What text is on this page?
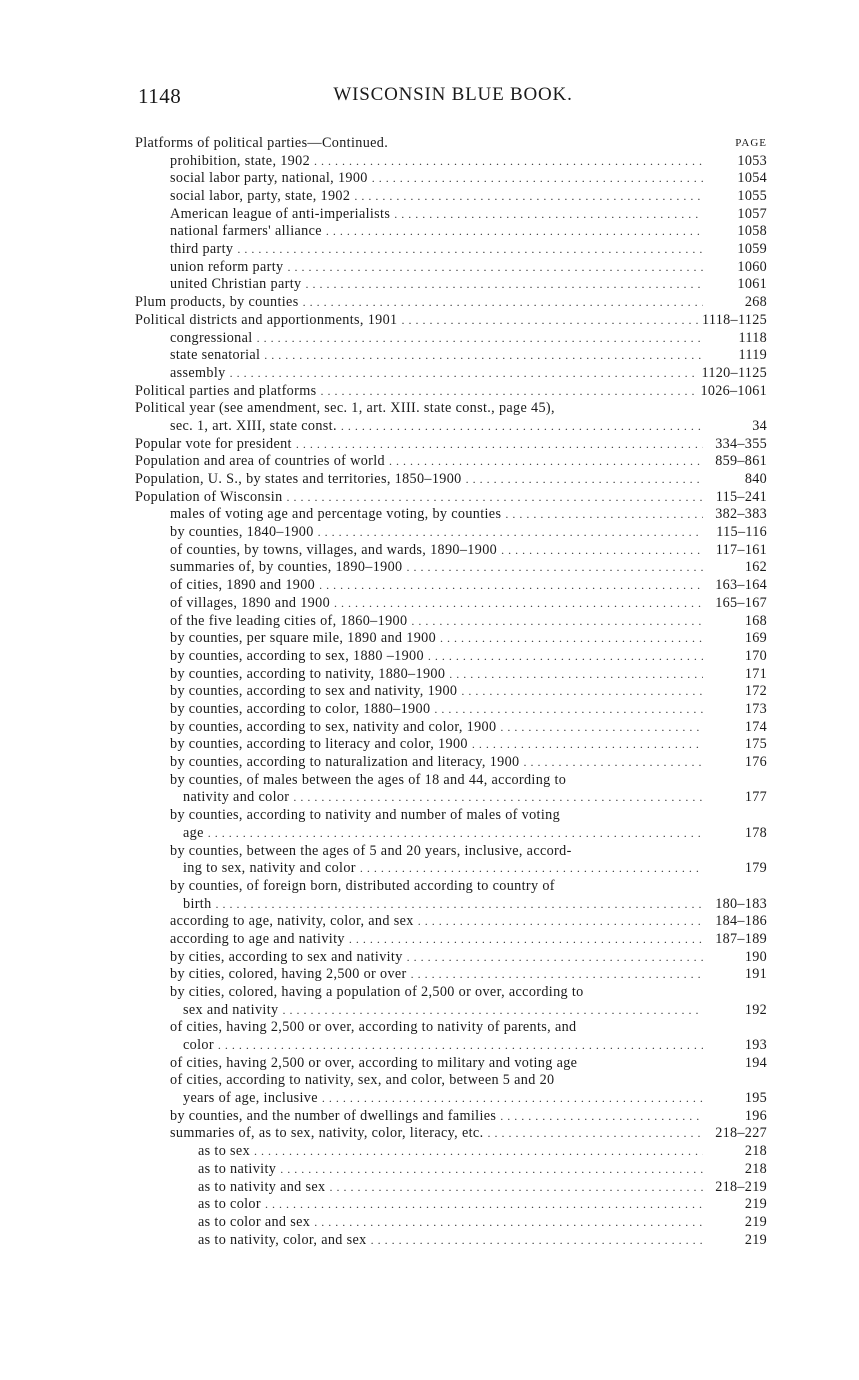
1148	WISCONSIN BLUE BOOK.
Platforms of political parties—Continued.	PAGE
prohibition, state, 1902 . . .	1053
social labor party, national, 1900 . . .	1054
social labor, party, state, 1902 . . .	1055
American league of anti-imperialists . . .	1057
national farmers' alliance . . .	1058
third party . . .	1059
union reform party . . .	1060
united Christian party . . .	1061
Plum products, by counties . . .	268
Political districts and apportionments, 1901 . . .	1118–1125
congressional . . .	1118
state senatorial . . .	1119
assembly . . .	1120–1125
Political parties and platforms . . .	1026–1061
Political year (see amendment, sec. 1, art. XIII. state const., page 45),
sec. 1, art. XIII, state const. . . .	34
Popular vote for president . . .	334–355
Population and area of countries of world . . .	859–861
Population, U. S., by states and territories, 1850–1900 . . .	840
Population of Wisconsin . . .	115–241
males of voting age and percentage voting, by counties . . .	382–383
by counties, 1840–1900 . . .	115–116
of counties, by towns, villages, and wards, 1890–1900 . . .	117–161
summaries of, by counties, 1890–1900 . . .	162
of cities, 1890 and 1900 . . .	163–164
of villages, 1890 and 1900 . . .	165–167
of the five leading cities of, 1860–1900 . . .	168
by counties, per square mile, 1890 and 1900 . . .	169
by counties, according to sex, 1880 –1900 . . .	170
by counties, according to nativity, 1880–1900 . . .	171
by counties, according to sex and nativity, 1900 . . .	172
by counties, according to color, 1880–1900 . . .	173
by counties, according to sex, nativity and color, 1900 . . .	174
by counties, according to literacy and color, 1900 . . .	175
by counties, according to naturalization and literacy, 1900 . . .	176
by counties, of males between the ages of 18 and 44, according to
nativity and color . . .	177
by counties, according to nativity and number of males of voting
age . . .	178
by counties, between the ages of 5 and 20 years, inclusive, accord-
ing to sex, nativity and color . . .	179
by counties, of foreign born, distributed according to country of
birth . . .	180–183
according to age, nativity, color, and sex . . .	184–186
according to age and nativity . . .	187–189
by cities, according to sex and nativity . . .	190
by cities, colored, having 2,500 or over . . .	191
by cities, colored, having a population of 2,500 or over, according to
sex and nativity . . .	192
of cities, having 2,500 or over, according to nativity of parents, and
color . . .	193
of cities, having 2,500 or over, according to military and voting age	194
of cities, according to nativity, sex, and color, between 5 and 20
years of age, inclusive . . .	195
by counties, and the number of dwellings and families . . .	196
summaries of, as to sex, nativity, color, literacy, etc. . . .	218–227
as to sex . . .	218
as to nativity . . .	218
as to nativity and sex . . .	218–219
as to color . . .	219
as to color and sex . . .	219
as to nativity, color, and sex . . .	219
